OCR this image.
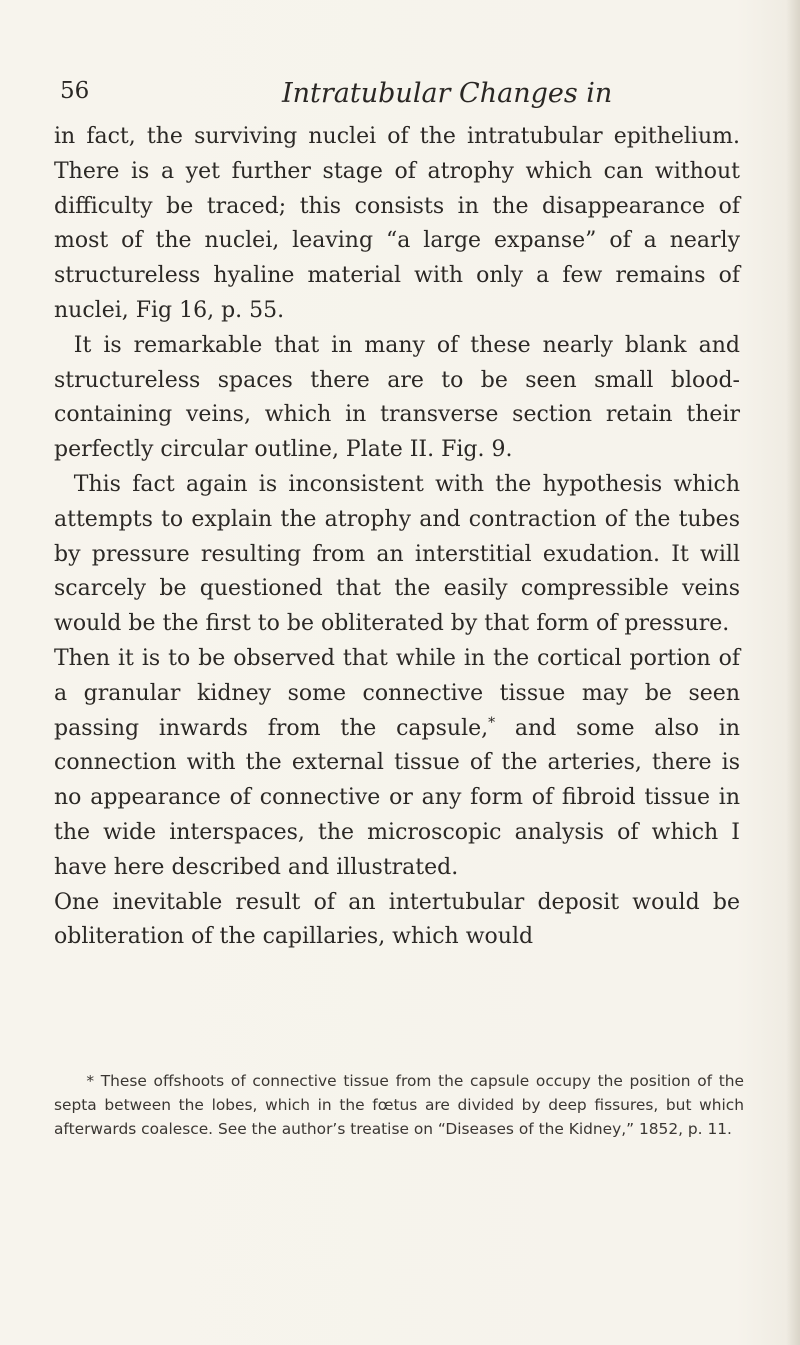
56	Intratubular Changes in

in fact, the surviving nuclei of the intratubular epithelium. There is a yet further stage of atrophy which can without difficulty be traced; this consists in the disappearance of most of the nuclei, leaving “a large expanse” of a nearly structureless hyaline material with only a few remains of nuclei, Fig 16, p. 55.

It is remarkable that in many of these nearly blank and structureless spaces there are to be seen small blood-containing veins, which in transverse section retain their perfectly circular outline, Plate II. Fig. 9.

This fact again is inconsistent with the hypothesis which attempts to explain the atrophy and contraction of the tubes by pressure resulting from an interstitial exudation. It will scarcely be questioned that the easily compressible veins would be the first to be obliterated by that form of pressure.

Then it is to be observed that while in the cortical portion of a granular kidney some connective tissue may be seen passing inwards from the capsule,* and some also in connection with the external tissue of the arteries, there is no appearance of connective or any form of fibroid tissue in the wide interspaces, the microscopic analysis of which I have here described and illustrated.

One inevitable result of an intertubular deposit would be obliteration of the capillaries, which would

* These offshoots of connective tissue from the capsule occupy the position of the septa between the lobes, which in the fœtus are divided by deep fissures, but which afterwards coalesce. See the author’s treatise on “Diseases of the Kidney,” 1852, p. 11.
